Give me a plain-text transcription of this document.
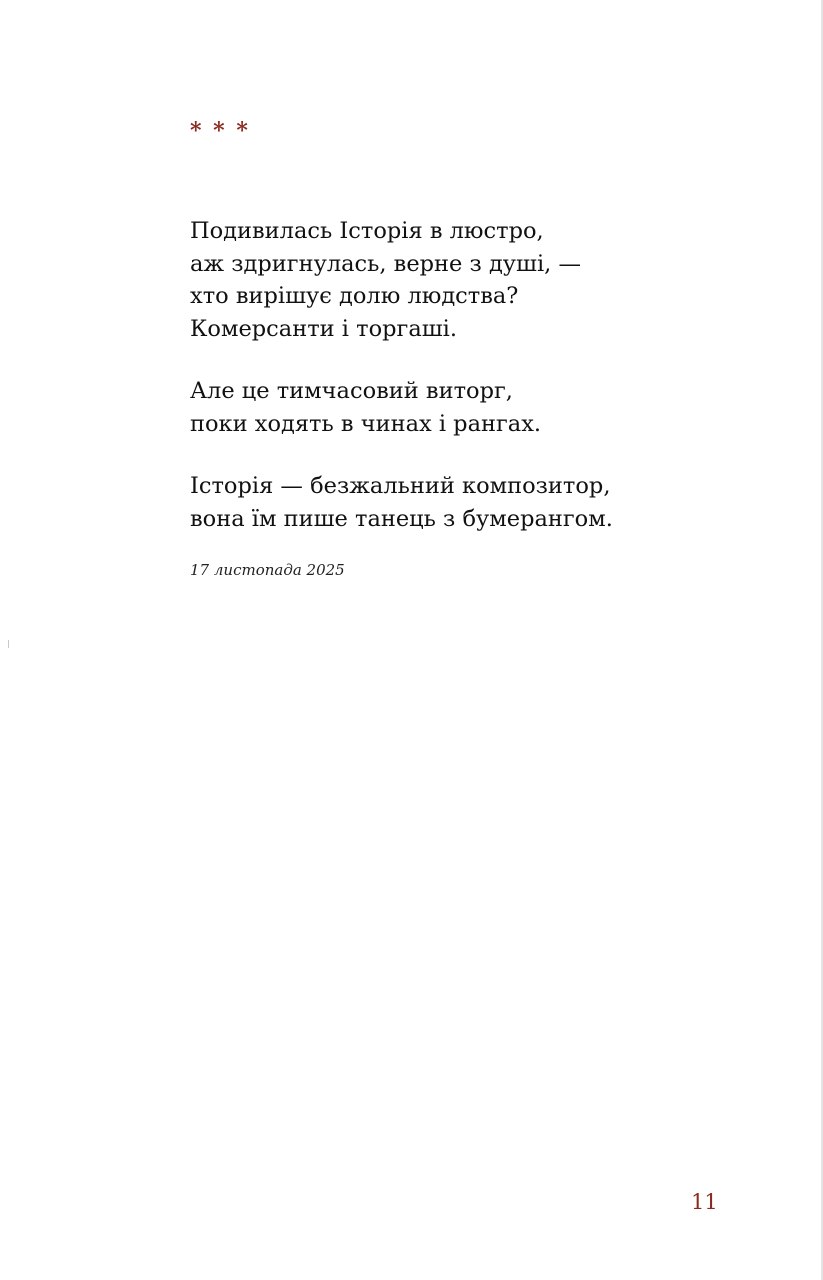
* * *

Подивилась Історія в люстро,
аж здригнулась, верне з душі, —
хто вирішує долю людства?
Комерсанти і торгаші.

Але це тимчасовий виторг,
поки ходять в чинах і рангах.

Історія — безжальний композитор,
вона їм пише танець з бумерангом.

17 листопада 2025
11
